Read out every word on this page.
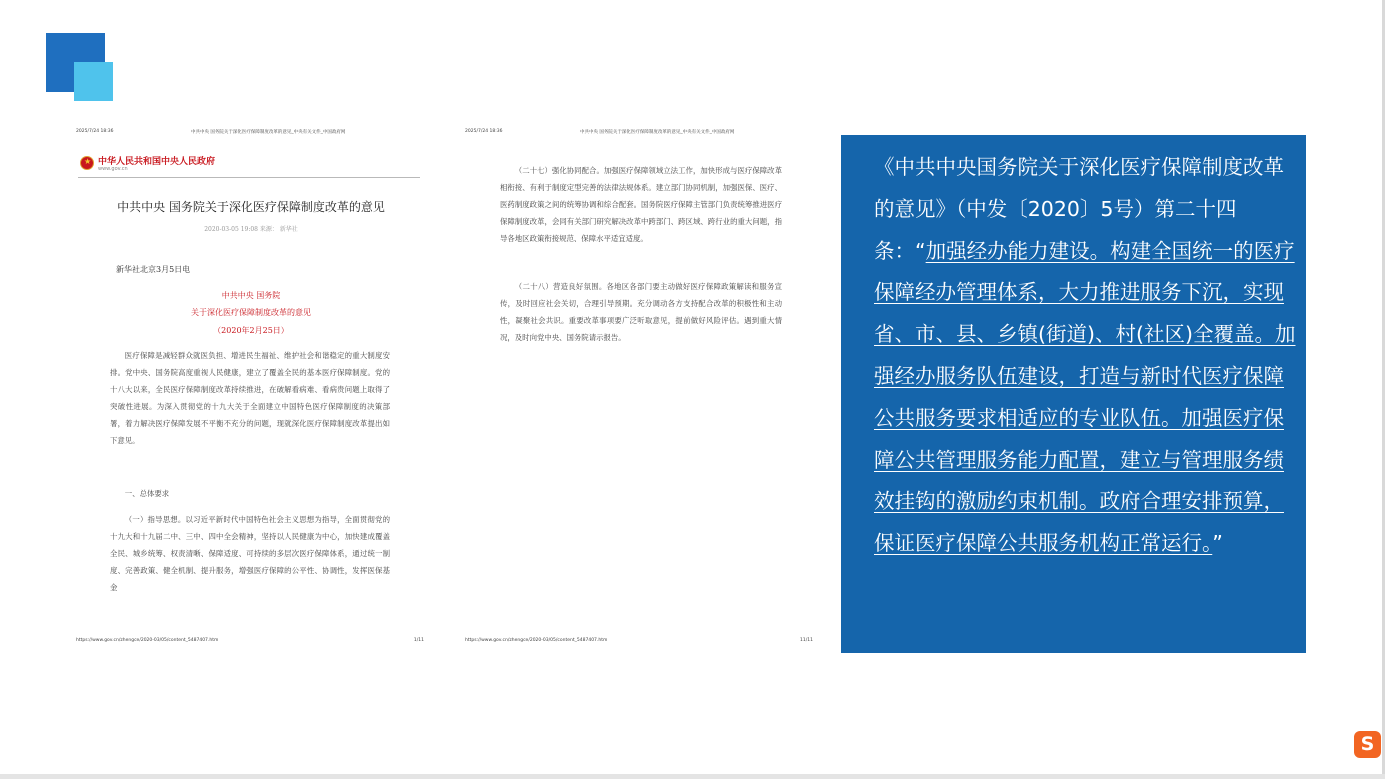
2025/7/24 18:36	中共中央 国务院关于深化医疗保障制度改革的意见_中央有关文件_中国政府网
★
中华人民共和国中央人民政府
www.gov.cn
中共中央 国务院关于深化医疗保障制度改革的意见
2020-03-05 19:08 来源： 新华社
新华社北京3月5日电
中共中央 国务院
关于深化医疗保障制度改革的意见
（2020年2月25日）

医疗保障是减轻群众就医负担、增进民生福祉、维护社会和谐稳定的重大制度安排。党中央、国务院高度重视人民健康，建立了覆盖全民的基本医疗保障制度。党的十八大以来，全民医疗保障制度改革持续推进，在破解看病难、看病贵问题上取得了突破性进展。为深入贯彻党的十九大关于全面建立中国特色医疗保障制度的决策部署，着力解决医疗保障发展不平衡不充分的问题，现就深化医疗保障制度改革提出如下意见。

一、总体要求

（一）指导思想。以习近平新时代中国特色社会主义思想为指导，全面贯彻党的十九大和十九届二中、三中、四中全会精神，坚持以人民健康为中心，加快建成覆盖全民、城乡统筹、权责清晰、保障适度、可持续的多层次医疗保障体系，通过统一制度、完善政策、健全机制、提升服务，增强医疗保障的公平性、协调性，发挥医保基金

https://www.gov.cn/zhengce/2020-03/05/content_5487407.htm	1/11
2025/7/24 18:36	中共中央 国务院关于深化医疗保障制度改革的意见_中央有关文件_中国政府网

（二十七）强化协同配合。加强医疗保障领域立法工作，加快形成与医疗保障改革相衔接、有利于制度定型完善的法律法规体系。建立部门协同机制，加强医保、医疗、医药制度政策之间的统筹协调和综合配套。国务院医疗保障主管部门负责统筹推进医疗保障制度改革，会同有关部门研究解决改革中跨部门、跨区域、跨行业的重大问题，指导各地区政策衔接规范、保障水平适宜适度。

（二十八）营造良好氛围。各地区各部门要主动做好医疗保障政策解读和服务宣传，及时回应社会关切，合理引导预期。充分调动各方支持配合改革的积极性和主动性，凝聚社会共识。重要改革事项要广泛听取意见，提前做好风险评估。遇到重大情况，及时向党中央、国务院请示报告。

https://www.gov.cn/zhengce/2020-03/05/content_5487407.htm	11/11

《中共中央国务院关于深化医疗保障制度改革的意见》（中发〔2020〕5号）第二十四条：“加强经办能力建设。构建全国统一的医疗保障经办管理体系，大力推进服务下沉，实现省、市、县、乡镇(街道)、村(社区)全覆盖。加强经办服务队伍建设，打造与新时代医疗保障公共服务要求相适应的专业队伍。加强医疗保障公共管理服务能力配置，建立与管理服务绩效挂钩的激励约束机制。政府合理安排预算，保证医疗保障公共服务机构正常运行。”

S
